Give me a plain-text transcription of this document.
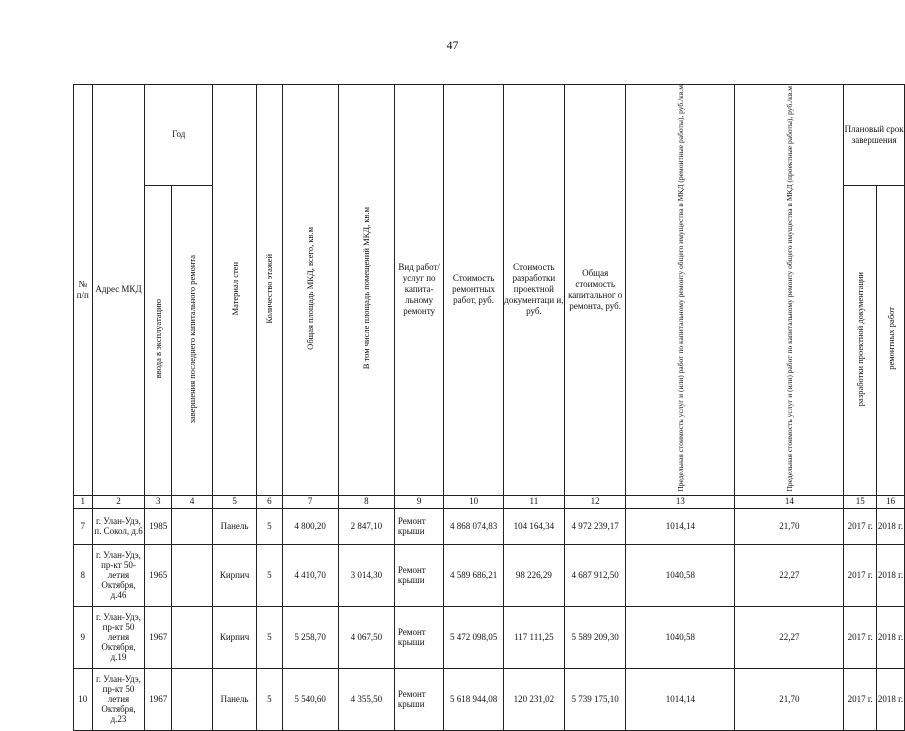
47
№ п/п	Адрес МКД	Год		Материал стен	Количество этажей	Общая площадь МКД, всего, кв.м	В том числе площадь помещений МКД, кв.м	Вид работ/ услуг по капита-льному ремонту	Стоимость ремонтных работ, руб.	Стоимость разработки проектной документаци и, руб.	Общая стоимость капитальног о ремонта, руб.	Предельная стоимость услуг и (или) работ по капитальному ремонту общего имущества в МКД (ремонтные работы), руб./кв.м	Предельная стоимость услуг и (или) работ по капитальному ремонту общего имущества в МКД (проектные работы), руб./кв.м	Плановый срок завершения	
		ввода в эксплуатацию	завершения последнего капитального ремонта											разработки проектной документации	ремонтных работ
1	2	3	4	5	6	7	8	9	10	11	12	13	14	15	16
7	г. Улан-Удэ, п. Сокол, д.6	1985		Панель	5	4 800,20	2 847,10	Ремонт крыши	4 868 074,83	104 164,34	4 972 239,17	1014,14	21,70	2017 г.	2018 г.
8	г. Улан-Удэ, пр-кт 50-летия Октября, д.46	1965		Кирпич	5	4 410,70	3 014,30	Ремонт крыши	4 589 686,21	98 226,29	4 687 912,50	1040,58	22,27	2017 г.	2018 г.
9	г. Улан-Удэ, пр-кт 50 летия Октября, д.19	1967		Кирпич	5	5 258,70	4 067,50	Ремонт крыши	5 472 098,05	117 111,25	5 589 209,30	1040,58	22,27	2017 г.	2018 г.
10	г. Улан-Удэ, пр-кт 50 летия Октября, д.23	1967		Панель	5	5 540,60	4 355,50	Ремонт крыши	5 618 944,08	120 231,02	5 739 175,10	1014,14	21,70	2017 г.	2018 г.
